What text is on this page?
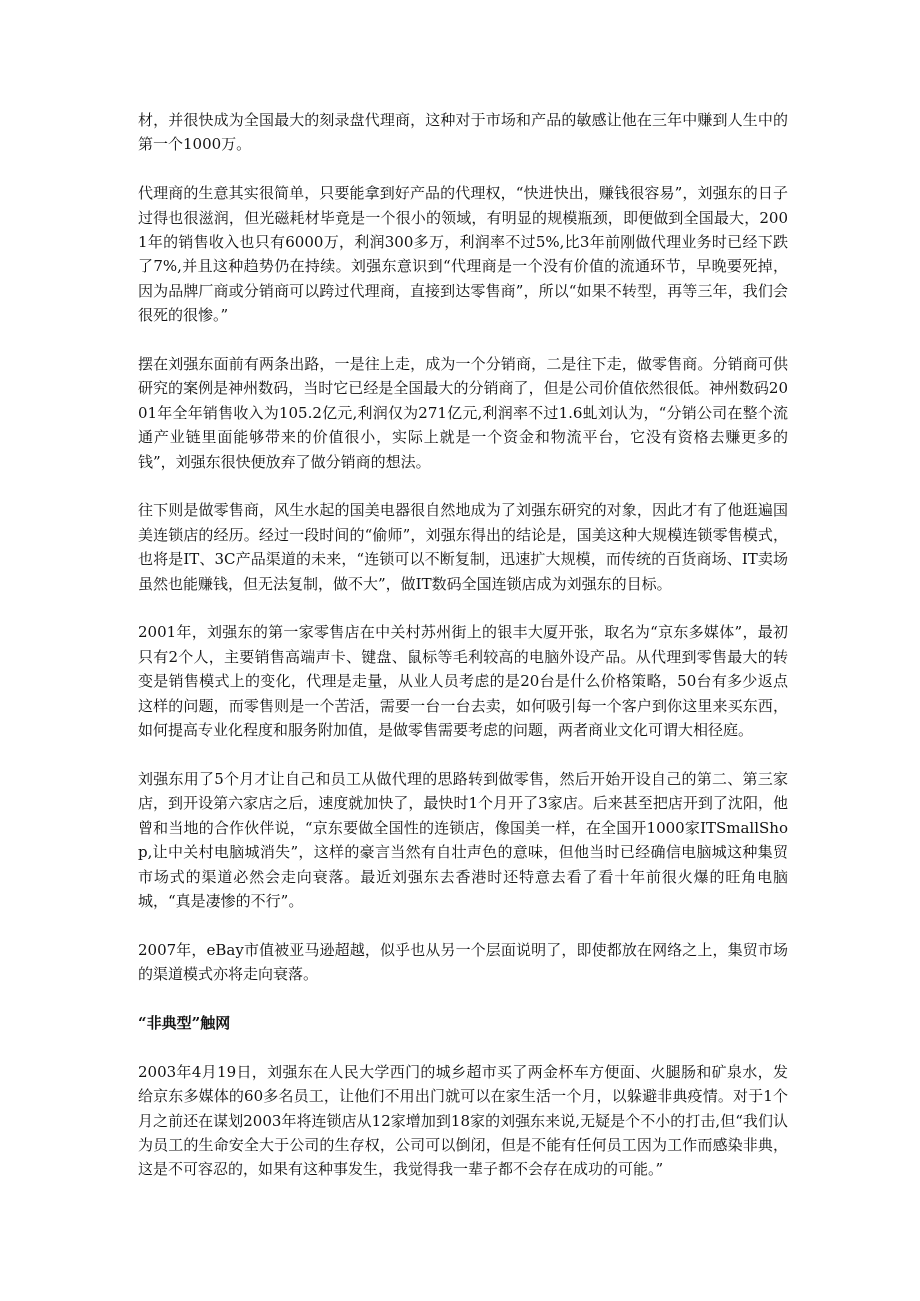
材，并很快成为全国最大的刻录盘代理商，这种对于市场和产品的敏感让他在三年中赚到人生中的第一个1000万。

代理商的生意其实很简单，只要能拿到好产品的代理权，“快进快出，赚钱很容易”，刘强东的日子过得也很滋润，但光磁耗材毕竟是一个很小的领域，有明显的规模瓶颈，即便做到全国最大，2001年的销售收入也只有6000万，利润300多万，利润率不过5%,比3年前刚做代理业务时已经下跌了7%,并且这种趋势仍在持续。刘强东意识到“代理商是一个没有价值的流通环节，早晚要死掉，因为品牌厂商或分销商可以跨过代理商，直接到达零售商”，所以“如果不转型，再等三年，我们会很死的很惨。”

摆在刘强东面前有两条出路，一是往上走，成为一个分销商，二是往下走，做零售商。分销商可供研究的案例是神州数码，当时它已经是全国最大的分销商了，但是公司价值依然很低。神州数码2001年全年销售收入为105.2亿元,利润仅为271亿元,利润率不过1.6虬刘认为，“分销公司在整个流通产业链里面能够带来的价值很小，实际上就是一个资金和物流平台，它没有资格去赚更多的钱”，刘强东很快便放弃了做分销商的想法。

往下则是做零售商，风生水起的国美电器很自然地成为了刘强东研究的对象，因此才有了他逛遍国美连锁店的经历。经过一段时间的“偷师”，刘强东得出的结论是，国美这种大规模连锁零售模式，也将是IT、3C产品渠道的未来，“连锁可以不断复制，迅速扩大规模，而传统的百货商场、IT卖场虽然也能赚钱，但无法复制，做不大”，做IT数码全国连锁店成为刘强东的目标。

2001年，刘强东的第一家零售店在中关村苏州街上的银丰大厦开张，取名为“京东多媒体”，最初只有2个人，主要销售高端声卡、键盘、鼠标等毛利较高的电脑外设产品。从代理到零售最大的转变是销售模式上的变化，代理是走量，从业人员考虑的是20台是什么价格策略，50台有多少返点这样的问题，而零售则是一个苦活，需要一台一台去卖，如何吸引每一个客户到你这里来买东西，如何提高专业化程度和服务附加值，是做零售需要考虑的问题，两者商业文化可谓大相径庭。

刘强东用了5个月才让自己和员工从做代理的思路转到做零售，然后开始开设自己的第二、第三家店，到开设第六家店之后，速度就加快了，最快时1个月开了3家店。后来甚至把店开到了沈阳，他曾和当地的合作伙伴说，“京东要做全国性的连锁店，像国美一样，在全国开1000家ITSmallShop,让中关村电脑城消失”，这样的豪言当然有自壮声色的意味，但他当时已经确信电脑城这种集贸市场式的渠道必然会走向衰落。最近刘强东去香港时还特意去看了看十年前很火爆的旺角电脑城，“真是凄惨的不行”。

2007年，eBay市值被亚马逊超越，似乎也从另一个层面说明了，即使都放在网络之上，集贸市场的渠道模式亦将走向衰落。

“非典型”触网

2003年4月19日，刘强东在人民大学西门的城乡超市买了两金杯车方便面、火腿肠和矿泉水，发给京东多媒体的60多名员工，让他们不用出门就可以在家生活一个月，以躲避非典疫情。对于1个月之前还在谋划2003年将连锁店从12家增加到18家的刘强东来说,无疑是个不小的打击,但“我们认为员工的生命安全大于公司的生存权，公司可以倒闭，但是不能有任何员工因为工作而感染非典，这是不可容忍的，如果有这种事发生，我觉得我一辈子都不会存在成功的可能。”
